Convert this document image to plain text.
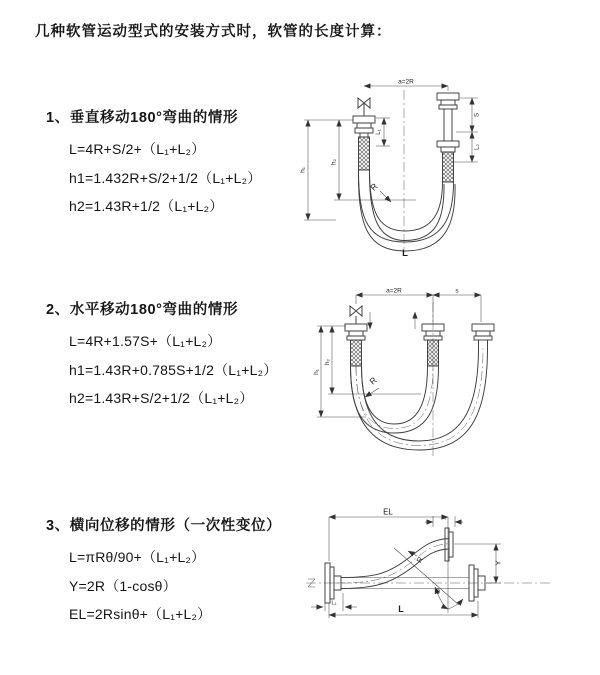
几种软管运动型式的安装方式时，软管的长度计算：
1、垂直移动180°弯曲的情形
L=4R+S/2+（L₁+L₂）
h1=1.432R+S/2+1/2（L₁+L₂）
h2=1.43R+1/2（L₁+L₂）
2、水平移动180°弯曲的情形
L=4R+1.57S+（L₁+L₂）
h1=1.43R+0.785S+1/2（L₁+L₂）
h2=1.43R+S/2+1/2（L₁+L₂）
3、横向位移的情形（一次性变位）
L=πRθ/90+（L₁+L₂）
Y=2R（1-cosθ）
EL=2Rsinθ+（L₁+L₂）
a=2R
L₁
S
L₂
h₁
h₂
R
L
a=2R	s
h₁
h₂
R
EL
L₂
Y
θ
R
L₁
L
